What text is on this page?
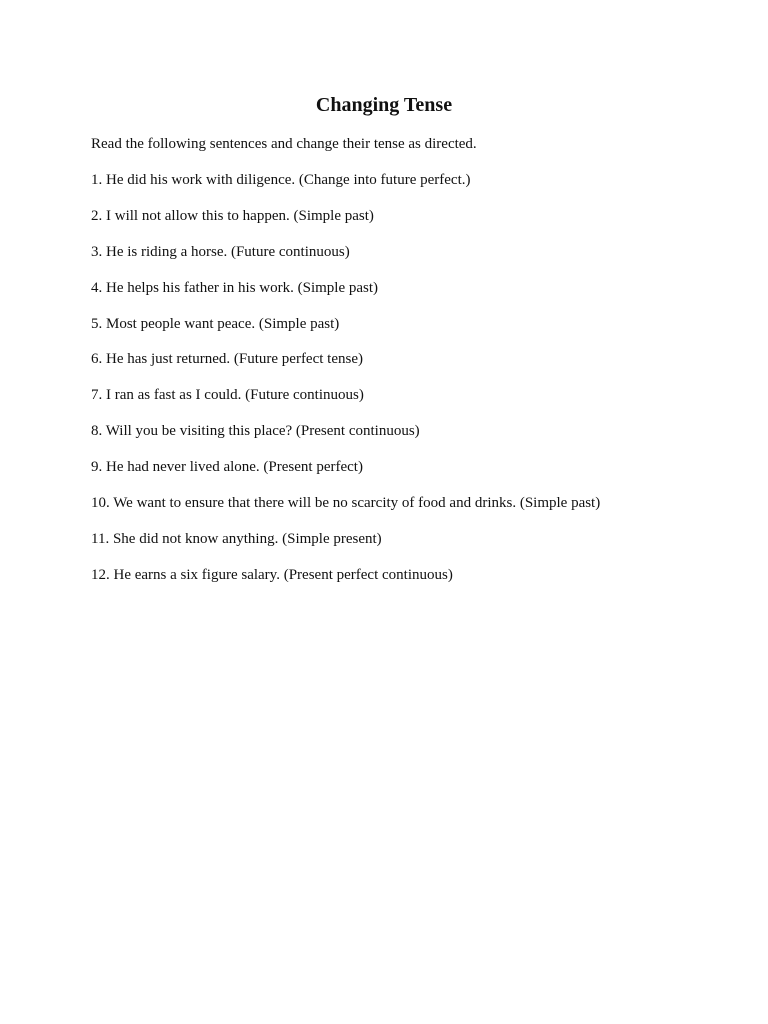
Changing Tense

Read the following sentences and change their tense as directed.

1. He did his work with diligence. (Change into future perfect.)
2. I will not allow this to happen. (Simple past)
3. He is riding a horse. (Future continuous)
4. He helps his father in his work. (Simple past)
5. Most people want peace. (Simple past)
6. He has just returned. (Future perfect tense)
7. I ran as fast as I could. (Future continuous)
8. Will you be visiting this place? (Present continuous)
9. He had never lived alone. (Present perfect)
10. We want to ensure that there will be no scarcity of food and drinks. (Simple past)
11. She did not know anything. (Simple present)
12. He earns a six figure salary. (Present perfect continuous)
